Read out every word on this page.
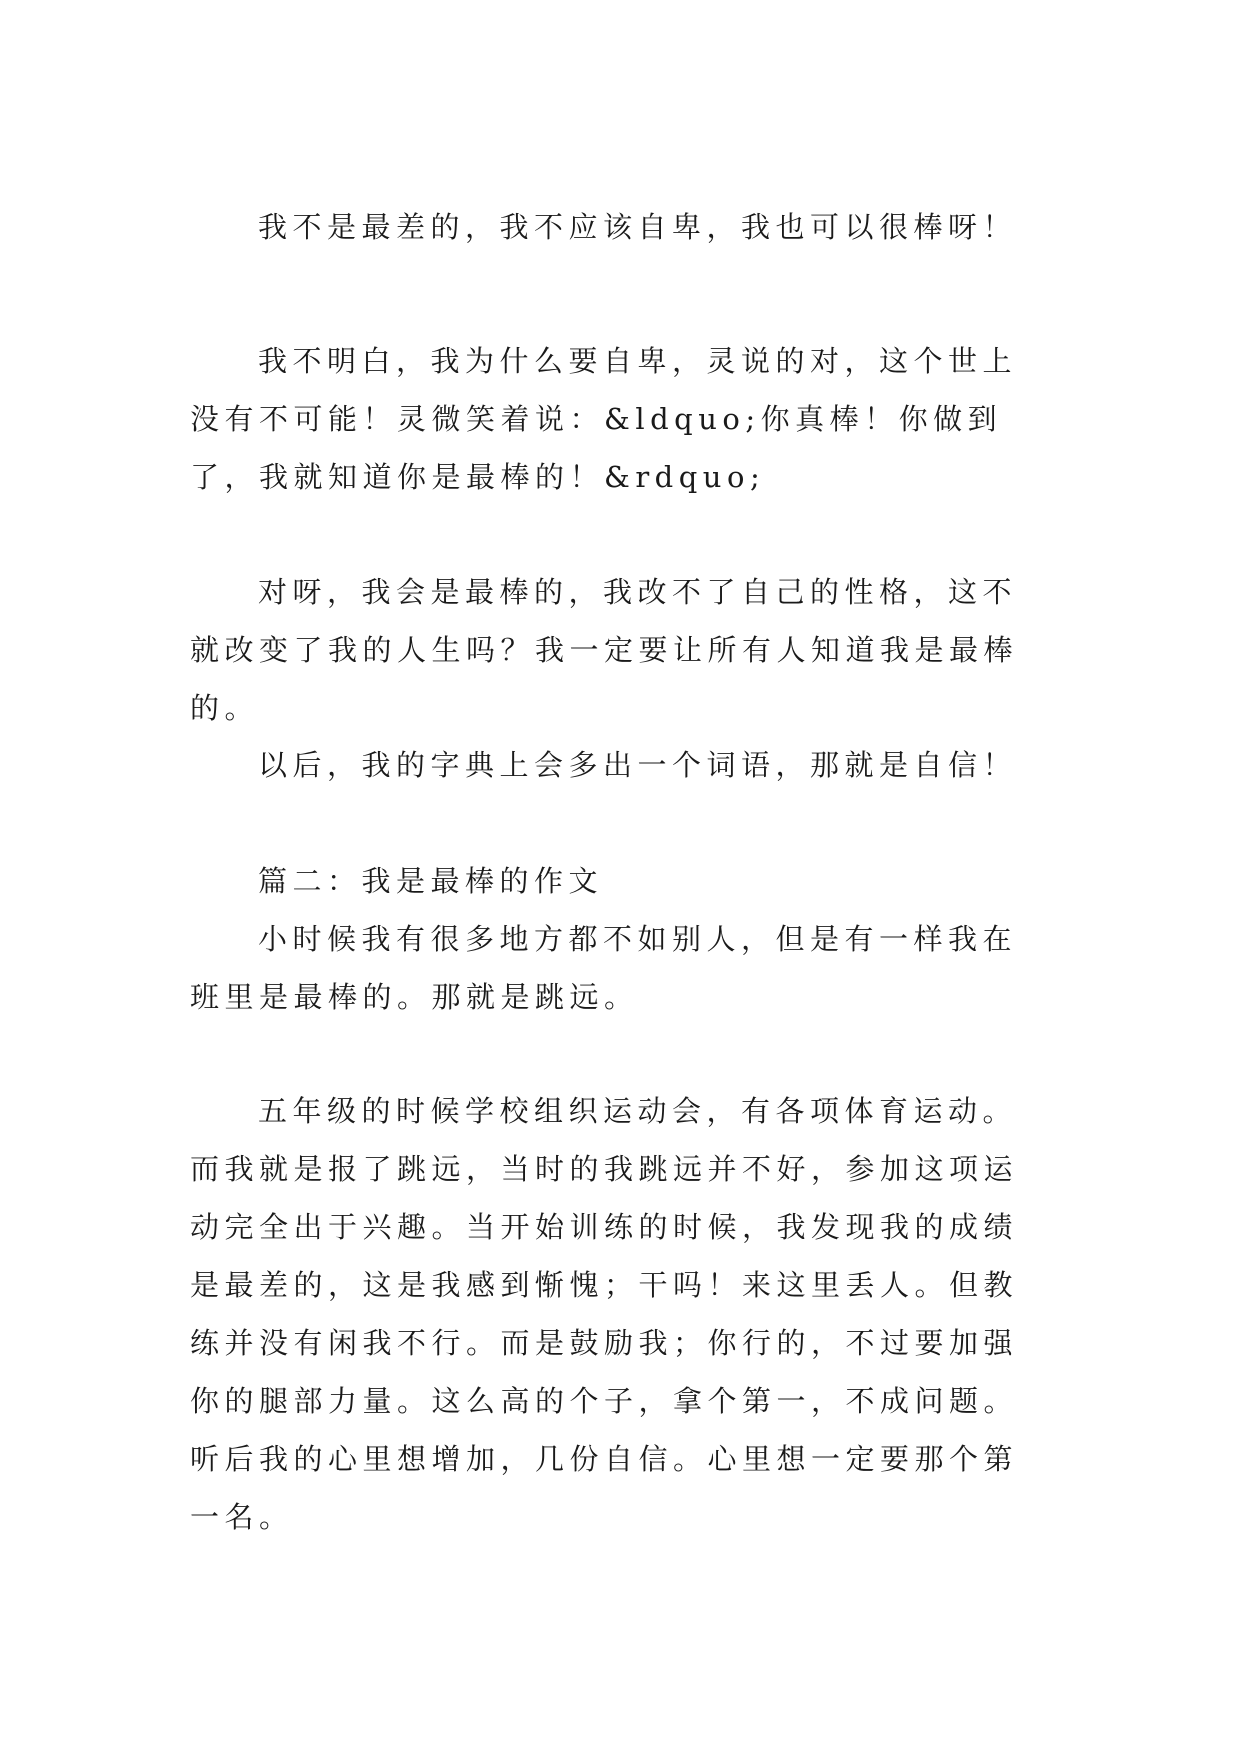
我不是最差的，我不应该自卑，我也可以很棒呀！

我不明白，我为什么要自卑，灵说的对，这个世上没有不可能！灵微笑着说：&ldquo;你真棒！你做到了，我就知道你是最棒的！&rdquo;

对呀，我会是最棒的，我改不了自己的性格，这不就改变了我的人生吗？我一定要让所有人知道我是最棒的。

以后，我的字典上会多出一个词语，那就是自信！

篇二：我是最棒的作文

小时候我有很多地方都不如别人，但是有一样我在班里是最棒的。那就是跳远。

五年级的时候学校组织运动会，有各项体育运动。而我就是报了跳远，当时的我跳远并不好，参加这项运动完全出于兴趣。当开始训练的时候，我发现我的成绩是最差的，这是我感到惭愧；干吗！来这里丢人。但教练并没有闲我不行。而是鼓励我；你行的，不过要加强你的腿部力量。这么高的个子，拿个第一，不成问题。听后我的心里想增加，几份自信。心里想一定要那个第一名。
